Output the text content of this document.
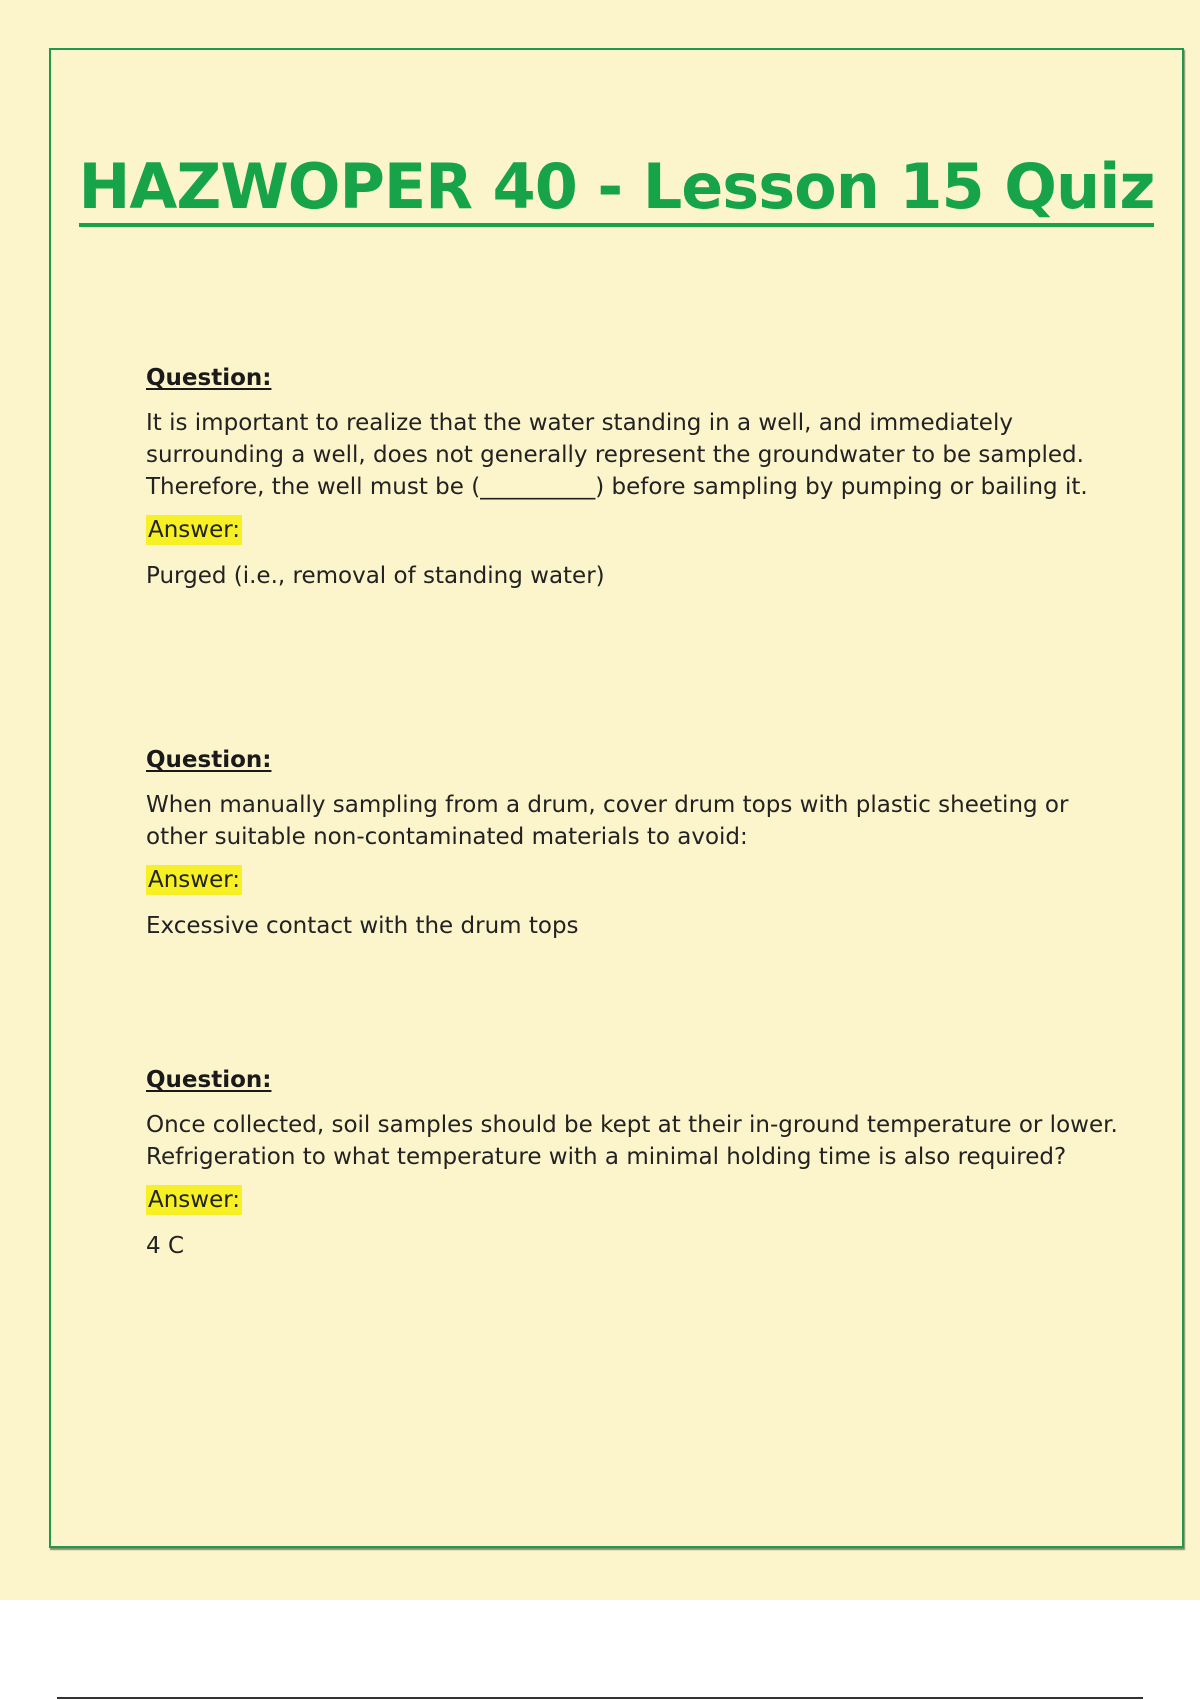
HAZWOPER 40 - Lesson 15 Quiz

Question:

It is important to realize that the water standing in a well, and immediately surrounding a well, does not generally represent the groundwater to be sampled. Therefore, the well must be (__________) before sampling by pumping or bailing it.

Answer:

Purged (i.e., removal of standing water)

Question:

When manually sampling from a drum, cover drum tops with plastic sheeting or other suitable non-contaminated materials to avoid:

Answer:

Excessive contact with the drum tops

Question:

Once collected, soil samples should be kept at their in-ground temperature or lower. Refrigeration to what temperature with a minimal holding time is also required?

Answer:

4 C
